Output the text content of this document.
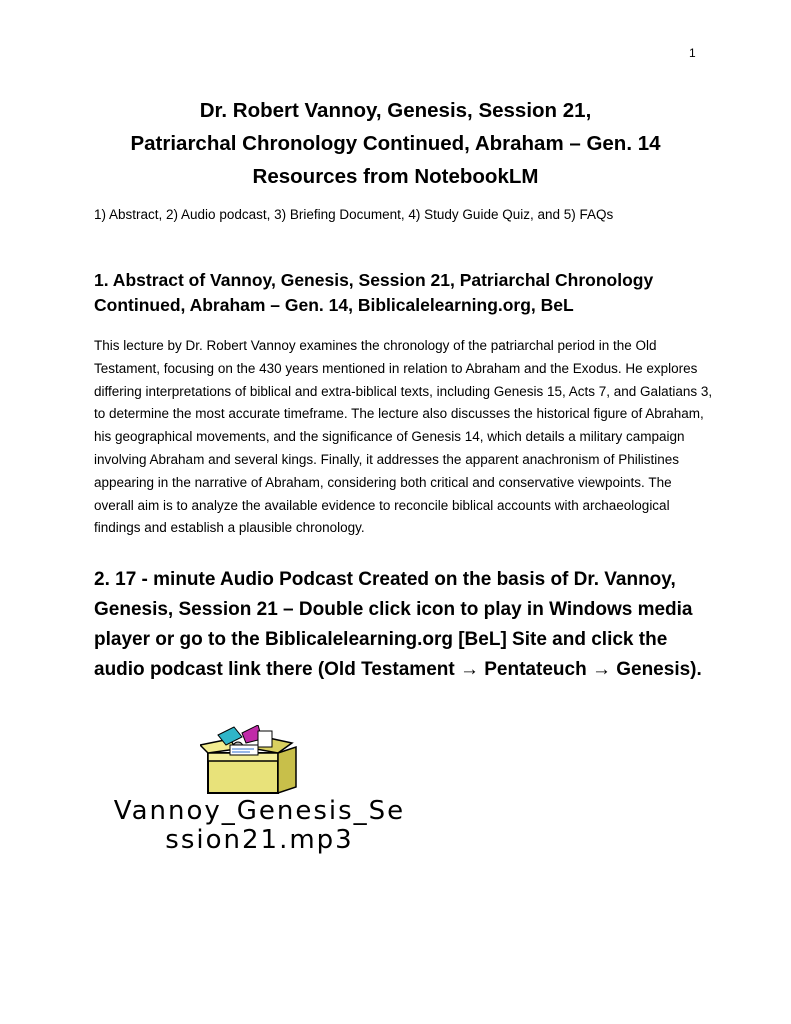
1
Dr. Robert Vannoy, Genesis, Session 21,
Patriarchal Chronology Continued, Abraham – Gen. 14
Resources from NotebookLM

1) Abstract, 2) Audio podcast, 3) Briefing Document, 4) Study Guide Quiz, and 5) FAQs

1. Abstract of Vannoy, Genesis, Session 21, Patriarchal Chronology Continued, Abraham – Gen. 14, Biblicalelearning.org, BeL

This lecture by Dr. Robert Vannoy examines the chronology of the patriarchal period in the Old Testament, focusing on the 430 years mentioned in relation to Abraham and the Exodus. He explores differing interpretations of biblical and extra-biblical texts, including Genesis 15, Acts 7, and Galatians 3, to determine the most accurate timeframe. The lecture also discusses the historical figure of Abraham, his geographical movements, and the significance of Genesis 14, which details a military campaign involving Abraham and several kings. Finally, it addresses the apparent anachronism of Philistines appearing in the narrative of Abraham, considering both critical and conservative viewpoints. The overall aim is to analyze the available evidence to reconcile biblical accounts with archaeological findings and establish a plausible chronology.

2. 17 - minute Audio Podcast Created on the basis of Dr. Vannoy, Genesis, Session 21 – Double click icon to play in Windows media player or go to the Biblicalelearning.org [BeL] Site and click the audio podcast link there (Old Testament → Pentateuch → Genesis).
Vannoy_Genesis_Se
ssion21.mp3
